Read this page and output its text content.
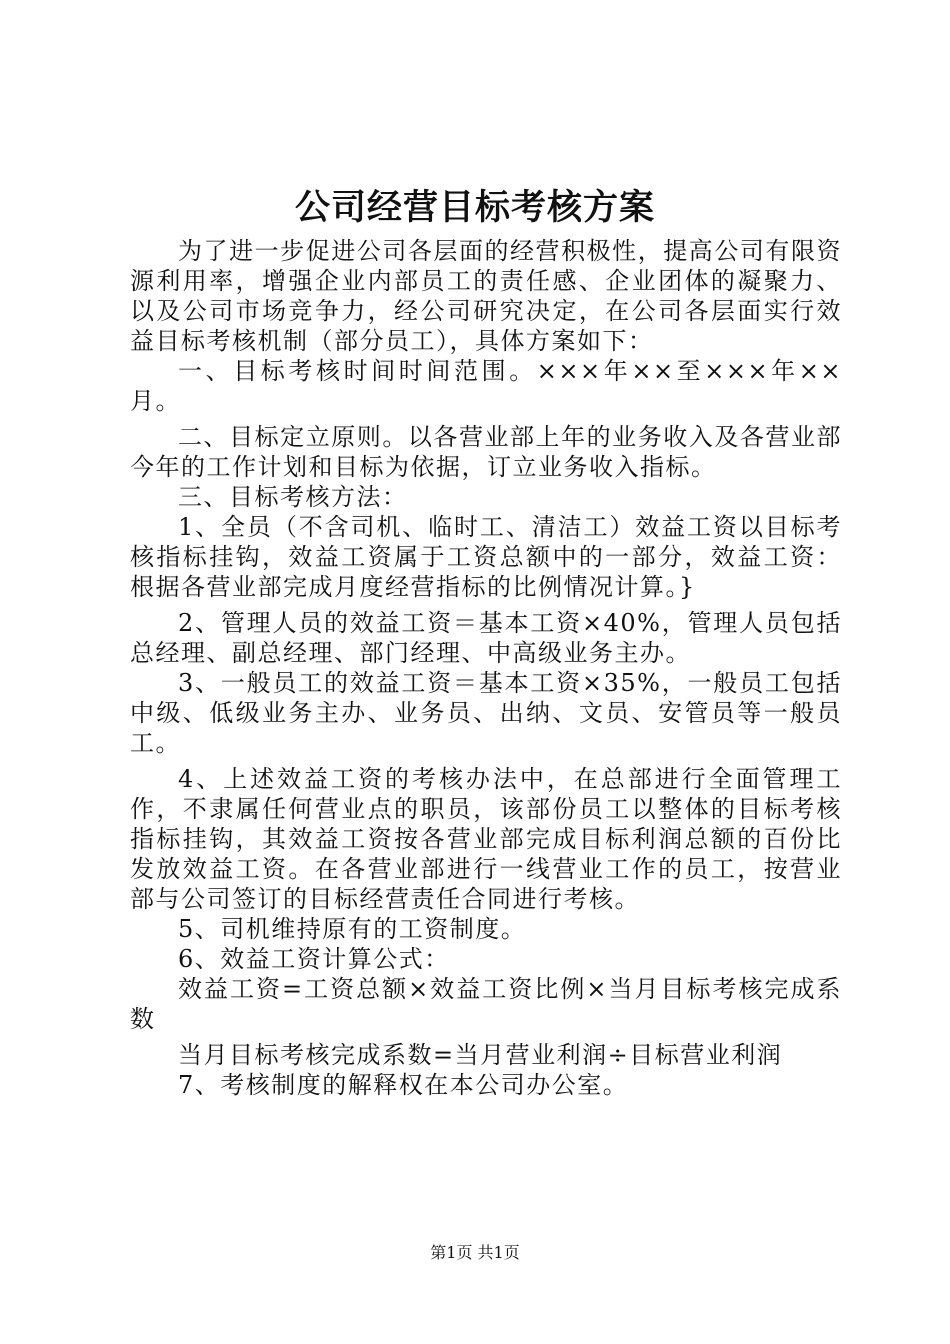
公司经营目标考核方案

为了进一步促进公司各层面的经营积极性，提高公司有限资源利用率，增强企业内部员工的责任感、企业团体的凝聚力、以及公司市场竞争力，经公司研究决定，在公司各层面实行效益目标考核机制（部分员工），具体方案如下：

一、目标考核时间时间范围。×××年××至×××年××月。

二、目标定立原则。以各营业部上年的业务收入及各营业部今年的工作计划和目标为依据，订立业务收入指标。

三、目标考核方法：

1、全员（不含司机、临时工、清洁工）效益工资以目标考核指标挂钩，效益工资属于工资总额中的一部分，效益工资：根据各营业部完成月度经营指标的比例情况计算。}

2、管理人员的效益工资＝基本工资×40%，管理人员包括总经理、副总经理、部门经理、中高级业务主办。

3、一般员工的效益工资＝基本工资×35%，一般员工包括中级、低级业务主办、业务员、出纳、文员、安管员等一般员工。

4、上述效益工资的考核办法中，在总部进行全面管理工作，不隶属任何营业点的职员，该部份员工以整体的目标考核指标挂钩，其效益工资按各营业部完成目标利润总额的百份比发放效益工资。在各营业部进行一线营业工作的员工，按营业部与公司签订的目标经营责任合同进行考核。

5、司机维持原有的工资制度。

6、效益工资计算公式：

效益工资=工资总额×效益工资比例×当月目标考核完成系数

当月目标考核完成系数=当月营业利润÷目标营业利润

7、考核制度的解释权在本公司办公室。

第1页 共1页
